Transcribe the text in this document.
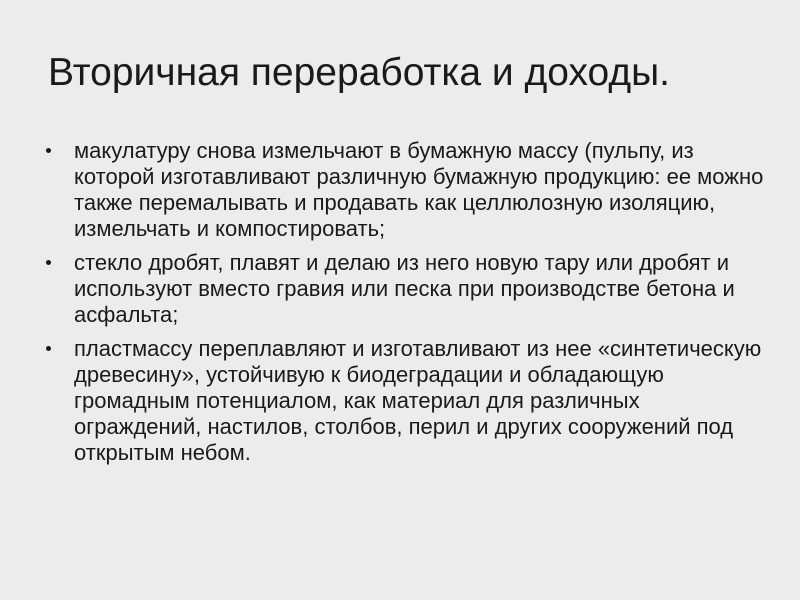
Вторичная переработка и доходы.
макулатуру снова измельчают в бумажную массу (пульпу, из которой изготавливают различную бумажную продукцию: ее можно также перемалывать и продавать как целлюлозную изоляцию, измельчать и компостировать;
стекло дробят, плавят и делаю из него новую тару или дробят и используют вместо гравия или песка при производстве бетона и асфальта;
пластмассу переплавляют и изготавливают из нее «синтетическую древесину», устойчивую к биодеградации и обладающую громадным потенциалом, как материал для различных ограждений, настилов, столбов, перил и других сооружений под открытым небом.
